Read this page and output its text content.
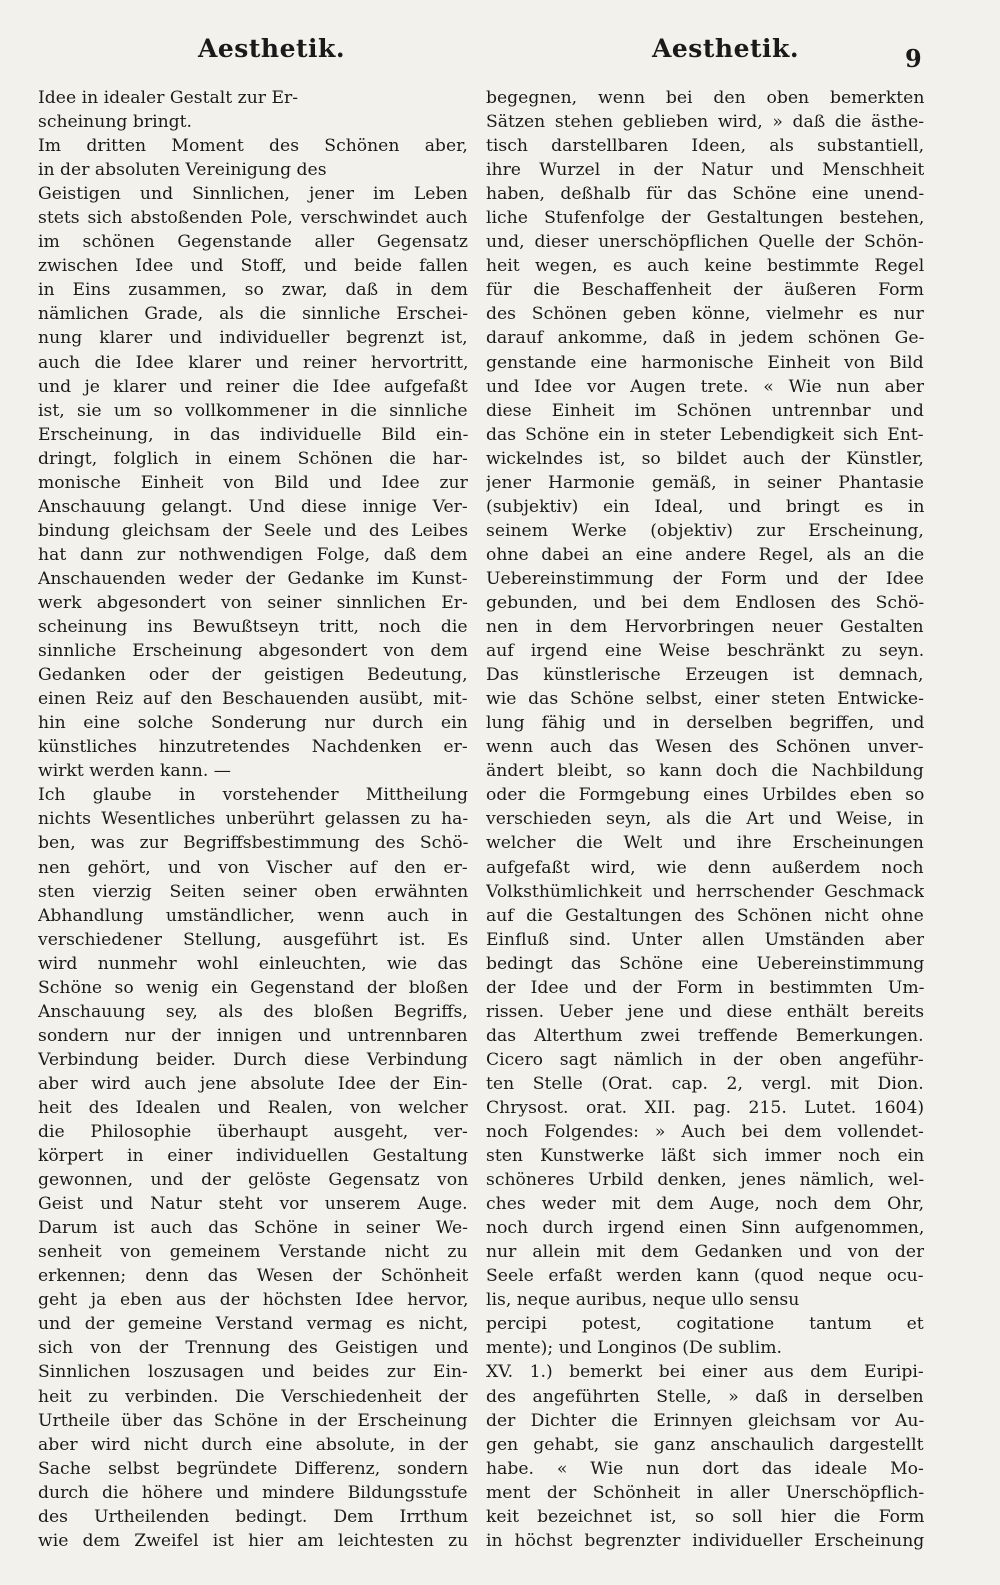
Aesthetik.	Aesthetik.	9
Idee in idealer Gestalt zur Er-
scheinung bringt.
Im dritten Moment des Schönen aber,
in der absoluten Vereinigung des
Geistigen und Sinnlichen, jener im Leben
stets sich abstoßenden Pole, verschwindet auch
im schönen Gegenstande aller Gegensatz
zwischen Idee und Stoff, und beide fallen
in Eins zusammen, so zwar, daß in dem
nämlichen Grade, als die sinnliche Erschei-
nung klarer und individueller begrenzt ist,
auch die Idee klarer und reiner hervortritt,
und je klarer und reiner die Idee aufgefaßt
ist, sie um so vollkommener in die sinnliche
Erscheinung, in das individuelle Bild ein-
dringt, folglich in einem Schönen die har-
monische Einheit von Bild und Idee zur
Anschauung gelangt. Und diese innige Ver-
bindung gleichsam der Seele und des Leibes
hat dann zur nothwendigen Folge, daß dem
Anschauenden weder der Gedanke im Kunst-
werk abgesondert von seiner sinnlichen Er-
scheinung ins Bewußtseyn tritt, noch die
sinnliche Erscheinung abgesondert von dem
Gedanken oder der geistigen Bedeutung,
einen Reiz auf den Beschauenden ausübt, mit-
hin eine solche Sonderung nur durch ein
künstliches hinzutretendes Nachdenken er-
wirkt werden kann. —
Ich glaube in vorstehender Mittheilung
nichts Wesentliches unberührt gelassen zu ha-
ben, was zur Begriffsbestimmung des Schö-
nen gehört, und von Vischer auf den er-
sten vierzig Seiten seiner oben erwähnten
Abhandlung umständlicher, wenn auch in
verschiedener Stellung, ausgeführt ist. Es
wird nunmehr wohl einleuchten, wie das
Schöne so wenig ein Gegenstand der bloßen
Anschauung sey, als des bloßen Begriffs,
sondern nur der innigen und untrennbaren
Verbindung beider. Durch diese Verbindung
aber wird auch jene absolute Idee der Ein-
heit des Idealen und Realen, von welcher
die Philosophie überhaupt ausgeht, ver-
körpert in einer individuellen Gestaltung
gewonnen, und der gelöste Gegensatz von
Geist und Natur steht vor unserem Auge.
Darum ist auch das Schöne in seiner We-
senheit von gemeinem Verstande nicht zu
erkennen; denn das Wesen der Schönheit
geht ja eben aus der höchsten Idee hervor,
und der gemeine Verstand vermag es nicht,
sich von der Trennung des Geistigen und
Sinnlichen loszusagen und beides zur Ein-
heit zu verbinden. Die Verschiedenheit der
Urtheile über das Schöne in der Erscheinung
aber wird nicht durch eine absolute, in der
Sache selbst begründete Differenz, sondern
durch die höhere und mindere Bildungsstufe
des Urtheilenden bedingt. Dem Irrthum
wie dem Zweifel ist hier am leichtesten zu
begegnen, wenn bei den oben bemerkten
Sätzen stehen geblieben wird, » daß die ästhe-
tisch darstellbaren Ideen, als substantiell,
ihre Wurzel in der Natur und Menschheit
haben, deßhalb für das Schöne eine unend-
liche Stufenfolge der Gestaltungen bestehen,
und, dieser unerschöpflichen Quelle der Schön-
heit wegen, es auch keine bestimmte Regel
für die Beschaffenheit der äußeren Form
des Schönen geben könne, vielmehr es nur
darauf ankomme, daß in jedem schönen Ge-
genstande eine harmonische Einheit von Bild
und Idee vor Augen trete. « Wie nun aber
diese Einheit im Schönen untrennbar und
das Schöne ein in steter Lebendigkeit sich Ent-
wickelndes ist, so bildet auch der Künstler,
jener Harmonie gemäß, in seiner Phantasie
(subjektiv) ein Ideal, und bringt es in
seinem Werke (objektiv) zur Erscheinung,
ohne dabei an eine andere Regel, als an die
Uebereinstimmung der Form und der Idee
gebunden, und bei dem Endlosen des Schö-
nen in dem Hervorbringen neuer Gestalten
auf irgend eine Weise beschränkt zu seyn.
Das künstlerische Erzeugen ist demnach,
wie das Schöne selbst, einer steten Entwicke-
lung fähig und in derselben begriffen, und
wenn auch das Wesen des Schönen unver-
ändert bleibt, so kann doch die Nachbildung
oder die Formgebung eines Urbildes eben so
verschieden seyn, als die Art und Weise, in
welcher die Welt und ihre Erscheinungen
aufgefaßt wird, wie denn außerdem noch
Volksthümlichkeit und herrschender Geschmack
auf die Gestaltungen des Schönen nicht ohne
Einfluß sind. Unter allen Umständen aber
bedingt das Schöne eine Uebereinstimmung
der Idee und der Form in bestimmten Um-
rissen. Ueber jene und diese enthält bereits
das Alterthum zwei treffende Bemerkungen.
Cicero sagt nämlich in der oben angeführ-
ten Stelle (Orat. cap. 2, vergl. mit Dion.
Chrysost. orat. XII. pag. 215. Lutet. 1604)
noch Folgendes: » Auch bei dem vollendet-
sten Kunstwerke läßt sich immer noch ein
schöneres Urbild denken, jenes nämlich, wel-
ches weder mit dem Auge, noch dem Ohr,
noch durch irgend einen Sinn aufgenommen,
nur allein mit dem Gedanken und von der
Seele erfaßt werden kann (quod neque ocu-
lis, neque auribus, neque ullo sensu
percipi potest, cogitatione tantum et
mente); und Longinos (De sublim.
XV. 1.) bemerkt bei einer aus dem Euripi-
des angeführten Stelle, » daß in derselben
der Dichter die Erinnyen gleichsam vor Au-
gen gehabt, sie ganz anschaulich dargestellt
habe. « Wie nun dort das ideale Mo-
ment der Schönheit in aller Unerschöpflich-
keit bezeichnet ist, so soll hier die Form
in höchst begrenzter individueller Erscheinung
